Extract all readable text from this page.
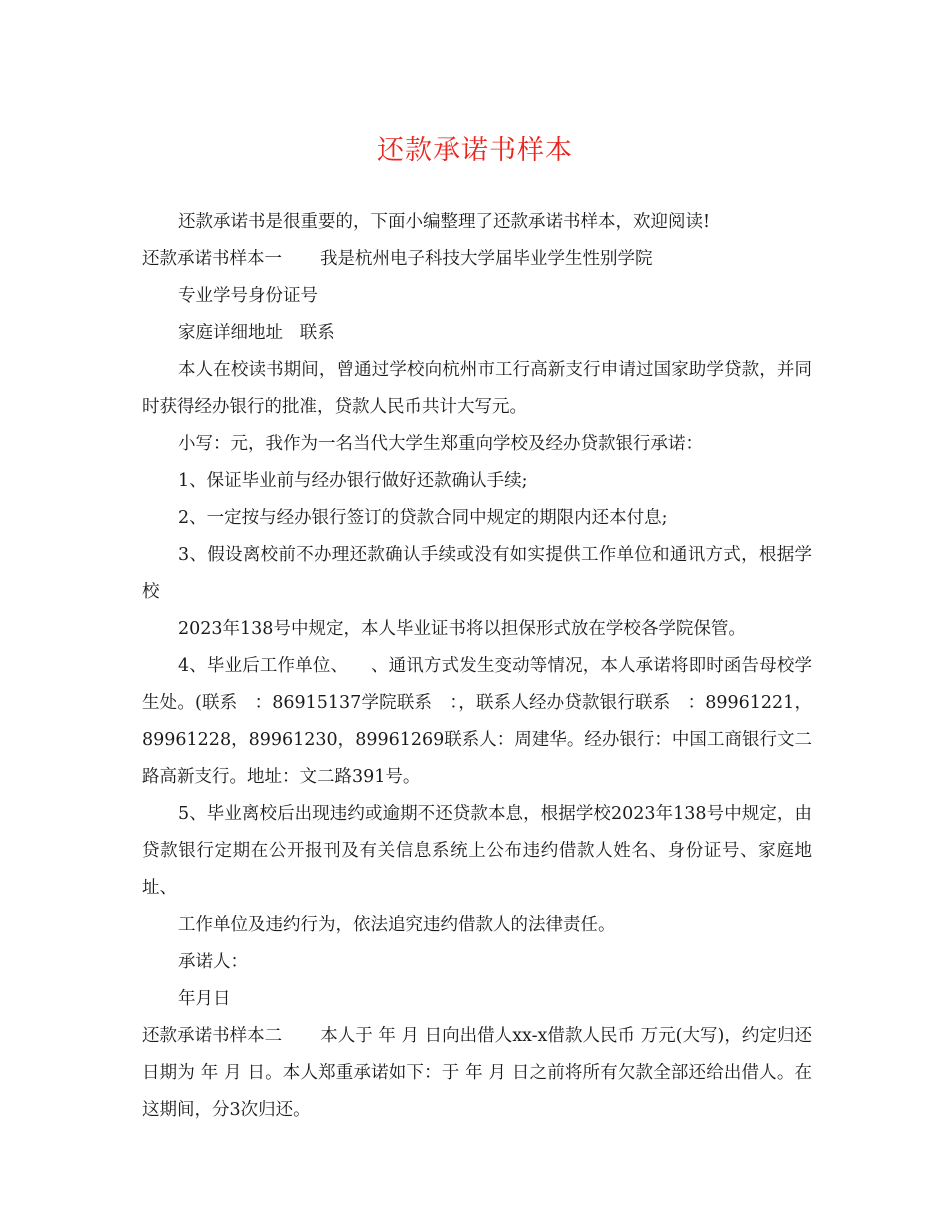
还款承诺书样本

还款承诺书是很重要的，下面小编整理了还款承诺书样本，欢迎阅读!

还款承诺书样本一 我是杭州电子科技大学届毕业学生性别学院

专业学号身份证号

家庭详细地址   联系

本人在校读书期间，曾通过学校向杭州市工行高新支行申请过国家助学贷款，并同时获得经办银行的批准，贷款人民币共计大写元。

小写：元，我作为一名当代大学生郑重向学校及经办贷款银行承诺：

1、保证毕业前与经办银行做好还款确认手续;

2、一定按与经办银行签订的贷款合同中规定的期限内还本付息;

3、假设离校前不办理还款确认手续或没有如实提供工作单位和通讯方式，根据学校

2023年138号中规定，本人毕业证书将以担保形式放在学校各学院保管。

4、毕业后工作单位、    、通讯方式发生变动等情况，本人承诺将即时函告母校学生处。(联系   ：86915137学院联系   ：，联系人经办贷款银行联系   ：89961221，89961228，89961230，89961269联系人：周建华。经办银行：中国工商银行文二路高新支行。地址：文二路391号。

5、毕业离校后出现违约或逾期不还贷款本息，根据学校2023年138号中规定，由贷款银行定期在公开报刊及有关信息系统上公布违约借款人姓名、身份证号、家庭地址、

工作单位及违约行为，依法追究违约借款人的法律责任。

承诺人：

年月日

还款承诺书样本二 本人于 年 月 日向出借人xx-x借款人民币 万元(大写)，约定归还日期为 年 月 日。本人郑重承诺如下：于 年 月 日之前将所有欠款全部还给出借人。在这期间，分3次归还。
